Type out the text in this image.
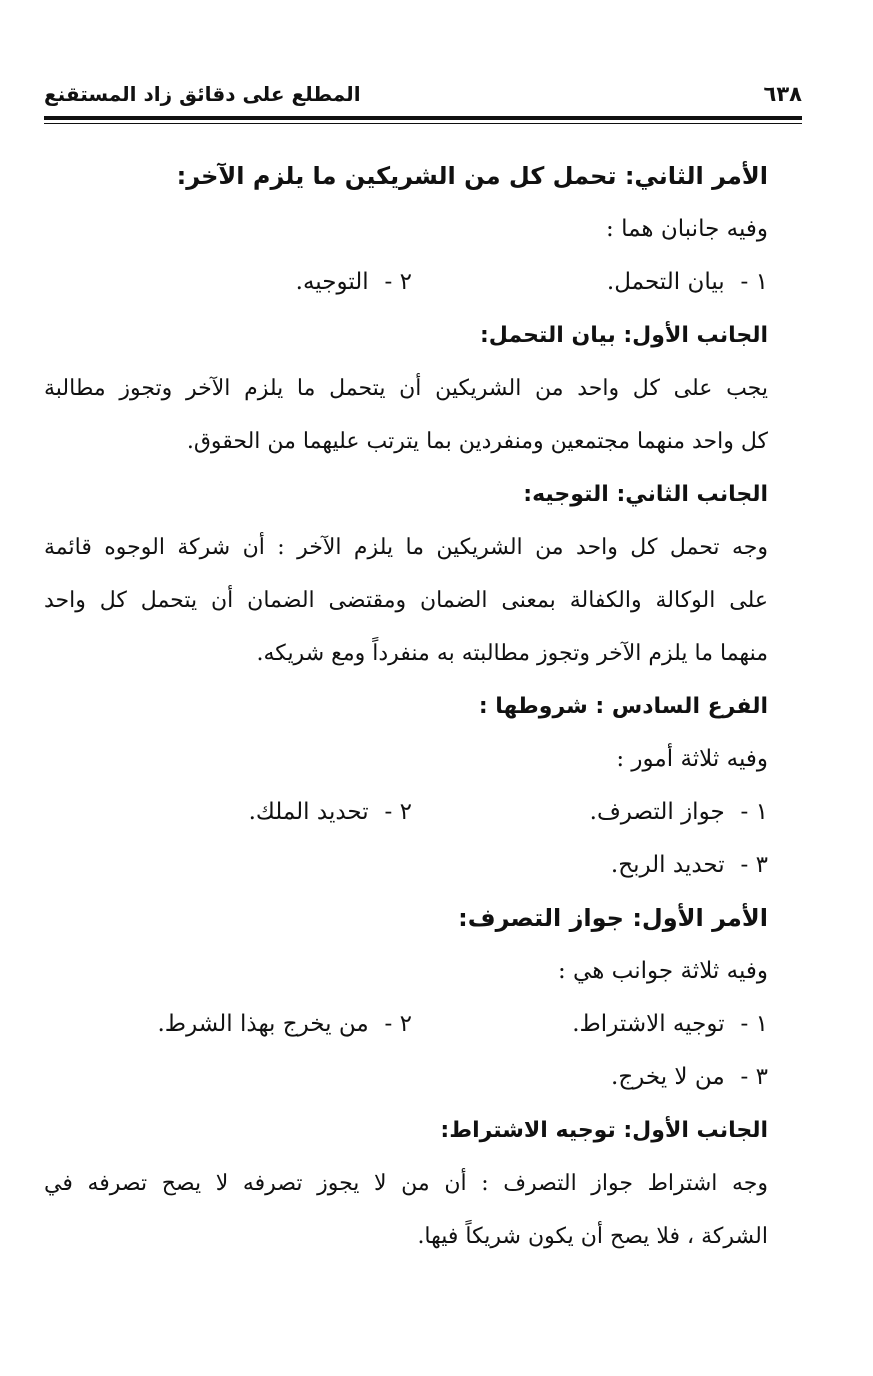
٦٣٨
المطلع على دقائق زاد المستقنع
الأمر الثاني: تحمل كل من الشريكين ما يلزم الآخر:
وفيه جانبان هما :
١ - بيان التحمل.
٢ - التوجيه.
الجانب الأول: بيان التحمل:
يجب على كل واحد من الشريكين أن يتحمل ما يلزم الآخر وتجوز مطالبة
كل واحد منهما مجتمعين ومنفردين بما يترتب عليهما من الحقوق.
الجانب الثاني: التوجيه:
وجه تحمل كل واحد من الشريكين ما يلزم الآخر : أن شركة الوجوه قائمة
على الوكالة والكفالة بمعنى الضمان ومقتضى الضمان أن يتحمل كل واحد
منهما ما يلزم الآخر وتجوز مطالبته به منفرداً ومع شريكه.
الفرع السادس : شروطها :
وفيه ثلاثة أمور :
١ - جواز التصرف.
٢ - تحديد الملك.
٣ - تحديد الربح.
الأمر الأول: جواز التصرف:
وفيه ثلاثة جوانب هي :
١ - توجيه الاشتراط.
٢ - من يخرج بهذا الشرط.
٣ - من لا يخرج.
الجانب الأول: توجيه الاشتراط:
وجه اشتراط جواز التصرف : أن من لا يجوز تصرفه لا يصح تصرفه في
الشركة ، فلا يصح أن يكون شريكاً فيها.
